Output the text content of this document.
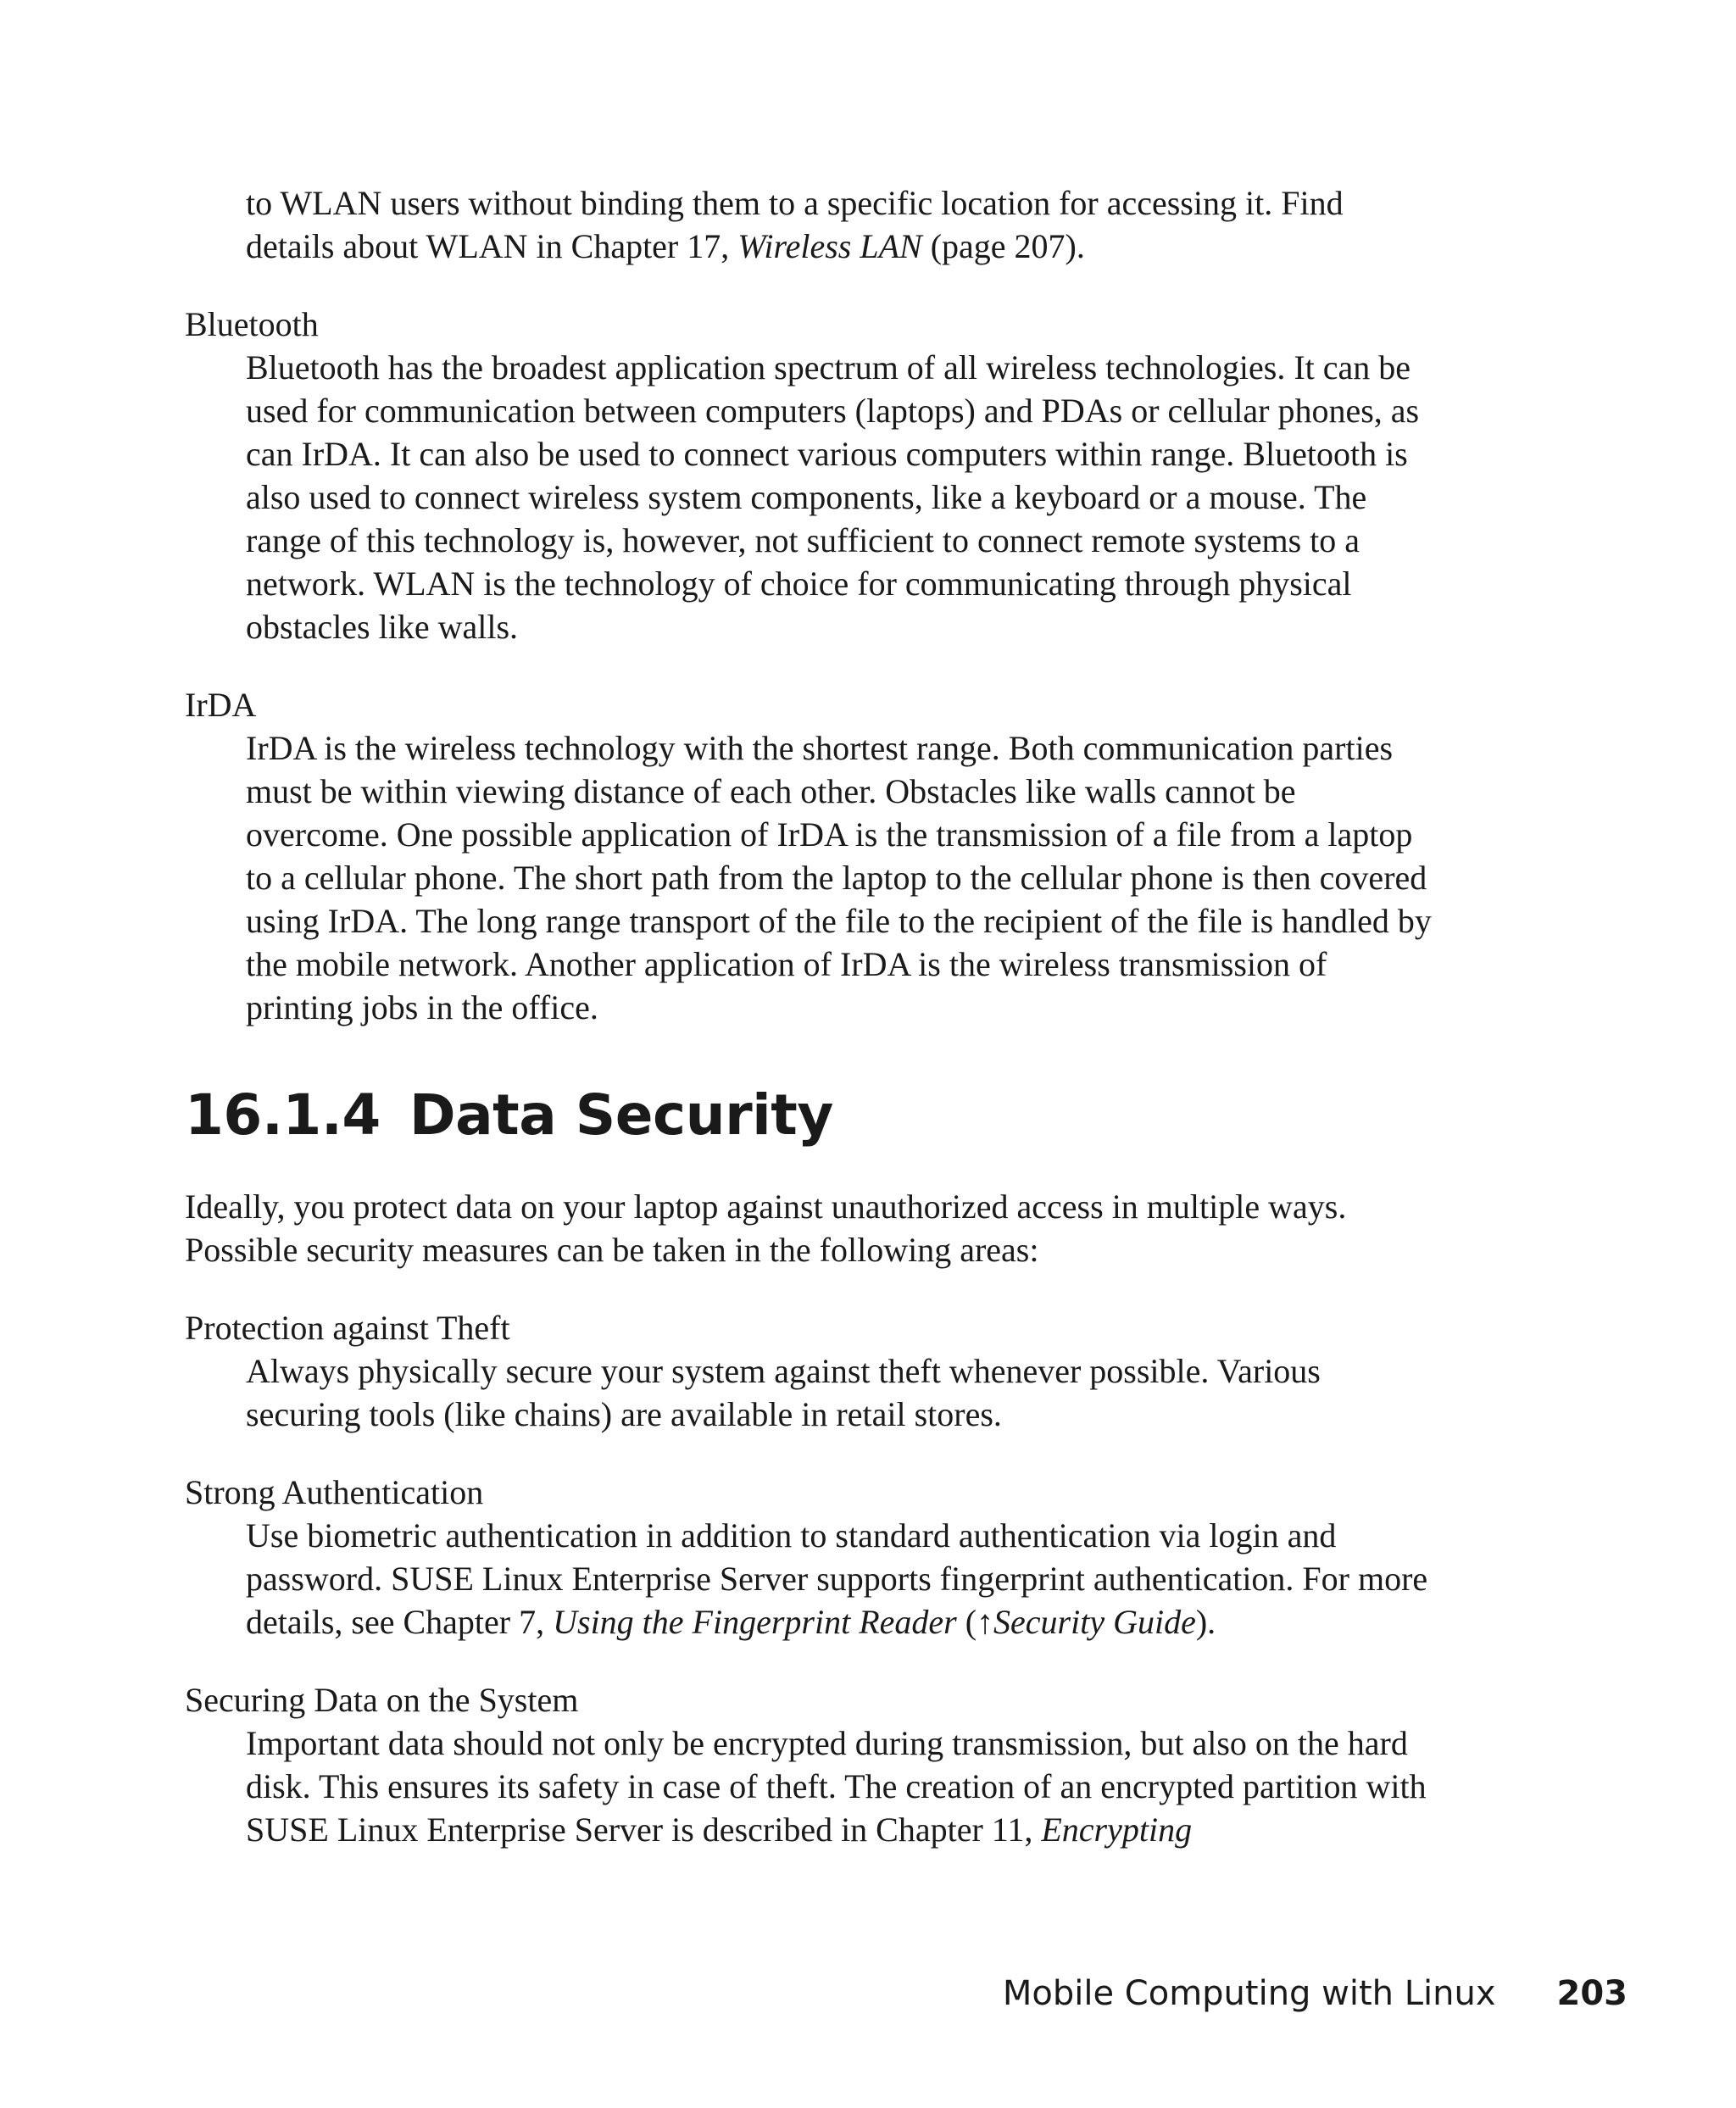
to WLAN users without binding them to a specific location for accessing it. Find

details about WLAN in Chapter 17, Wireless LAN (page 207).

Bluetooth

Bluetooth has the broadest application spectrum of all wireless technologies. It can be used for communication between computers (laptops) and PDAs or cellular phones, as can IrDA. It can also be used to connect various computers within range. Bluetooth is also used to connect wireless system components, like a keyboard or a mouse. The range of this technology is, however, not sufficient to connect remote systems to a network. WLAN is the technology of choice for communicating through physical obstacles like walls.

IrDA

IrDA is the wireless technology with the shortest range. Both communication parties must be within viewing distance of each other. Obstacles like walls cannot be overcome. One possible application of IrDA is the transmission of a file from a laptop to a cellular phone. The short path from the laptop to the cellular phone is then covered using IrDA. The long range transport of the file to the recipient of the file is handled by the mobile network. Another application of IrDA is the wireless transmission of printing jobs in the office.

16.1.4 Data Security

Ideally, you protect data on your laptop against unauthorized access in multiple ways. Possible security measures can be taken in the following areas:

Protection against Theft

Always physically secure your system against theft whenever possible. Various securing tools (like chains) are available in retail stores.

Strong Authentication

Use biometric authentication in addition to standard authentication via login and password. SUSE Linux Enterprise Server supports fingerprint authentication. For more details, see Chapter 7, Using the Fingerprint Reader (↑Security Guide).

Securing Data on the System

Important data should not only be encrypted during transmission, but also on the hard disk. This ensures its safety in case of theft. The creation of an encrypted partition with SUSE Linux Enterprise Server is described in Chapter 11, Encrypting

Mobile Computing with Linux 203
